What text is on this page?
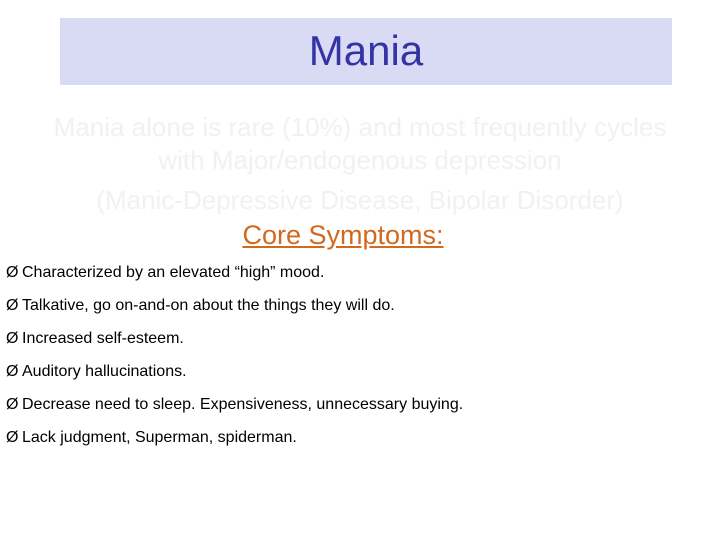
Mania
Mania alone is rare (10%) and most frequently cycles
with Major/endogenous depression
(Manic-Depressive Disease, Bipolar Disorder)
Core Symptoms:
Ø Characterized by an elevated “high” mood.
Ø Talkative, go on-and-on about the things they will do.
Ø Increased self-esteem.
Ø Auditory hallucinations.
Ø Decrease need to sleep. Expensiveness, unnecessary buying.
Ø Lack judgment, Superman, spiderman.
